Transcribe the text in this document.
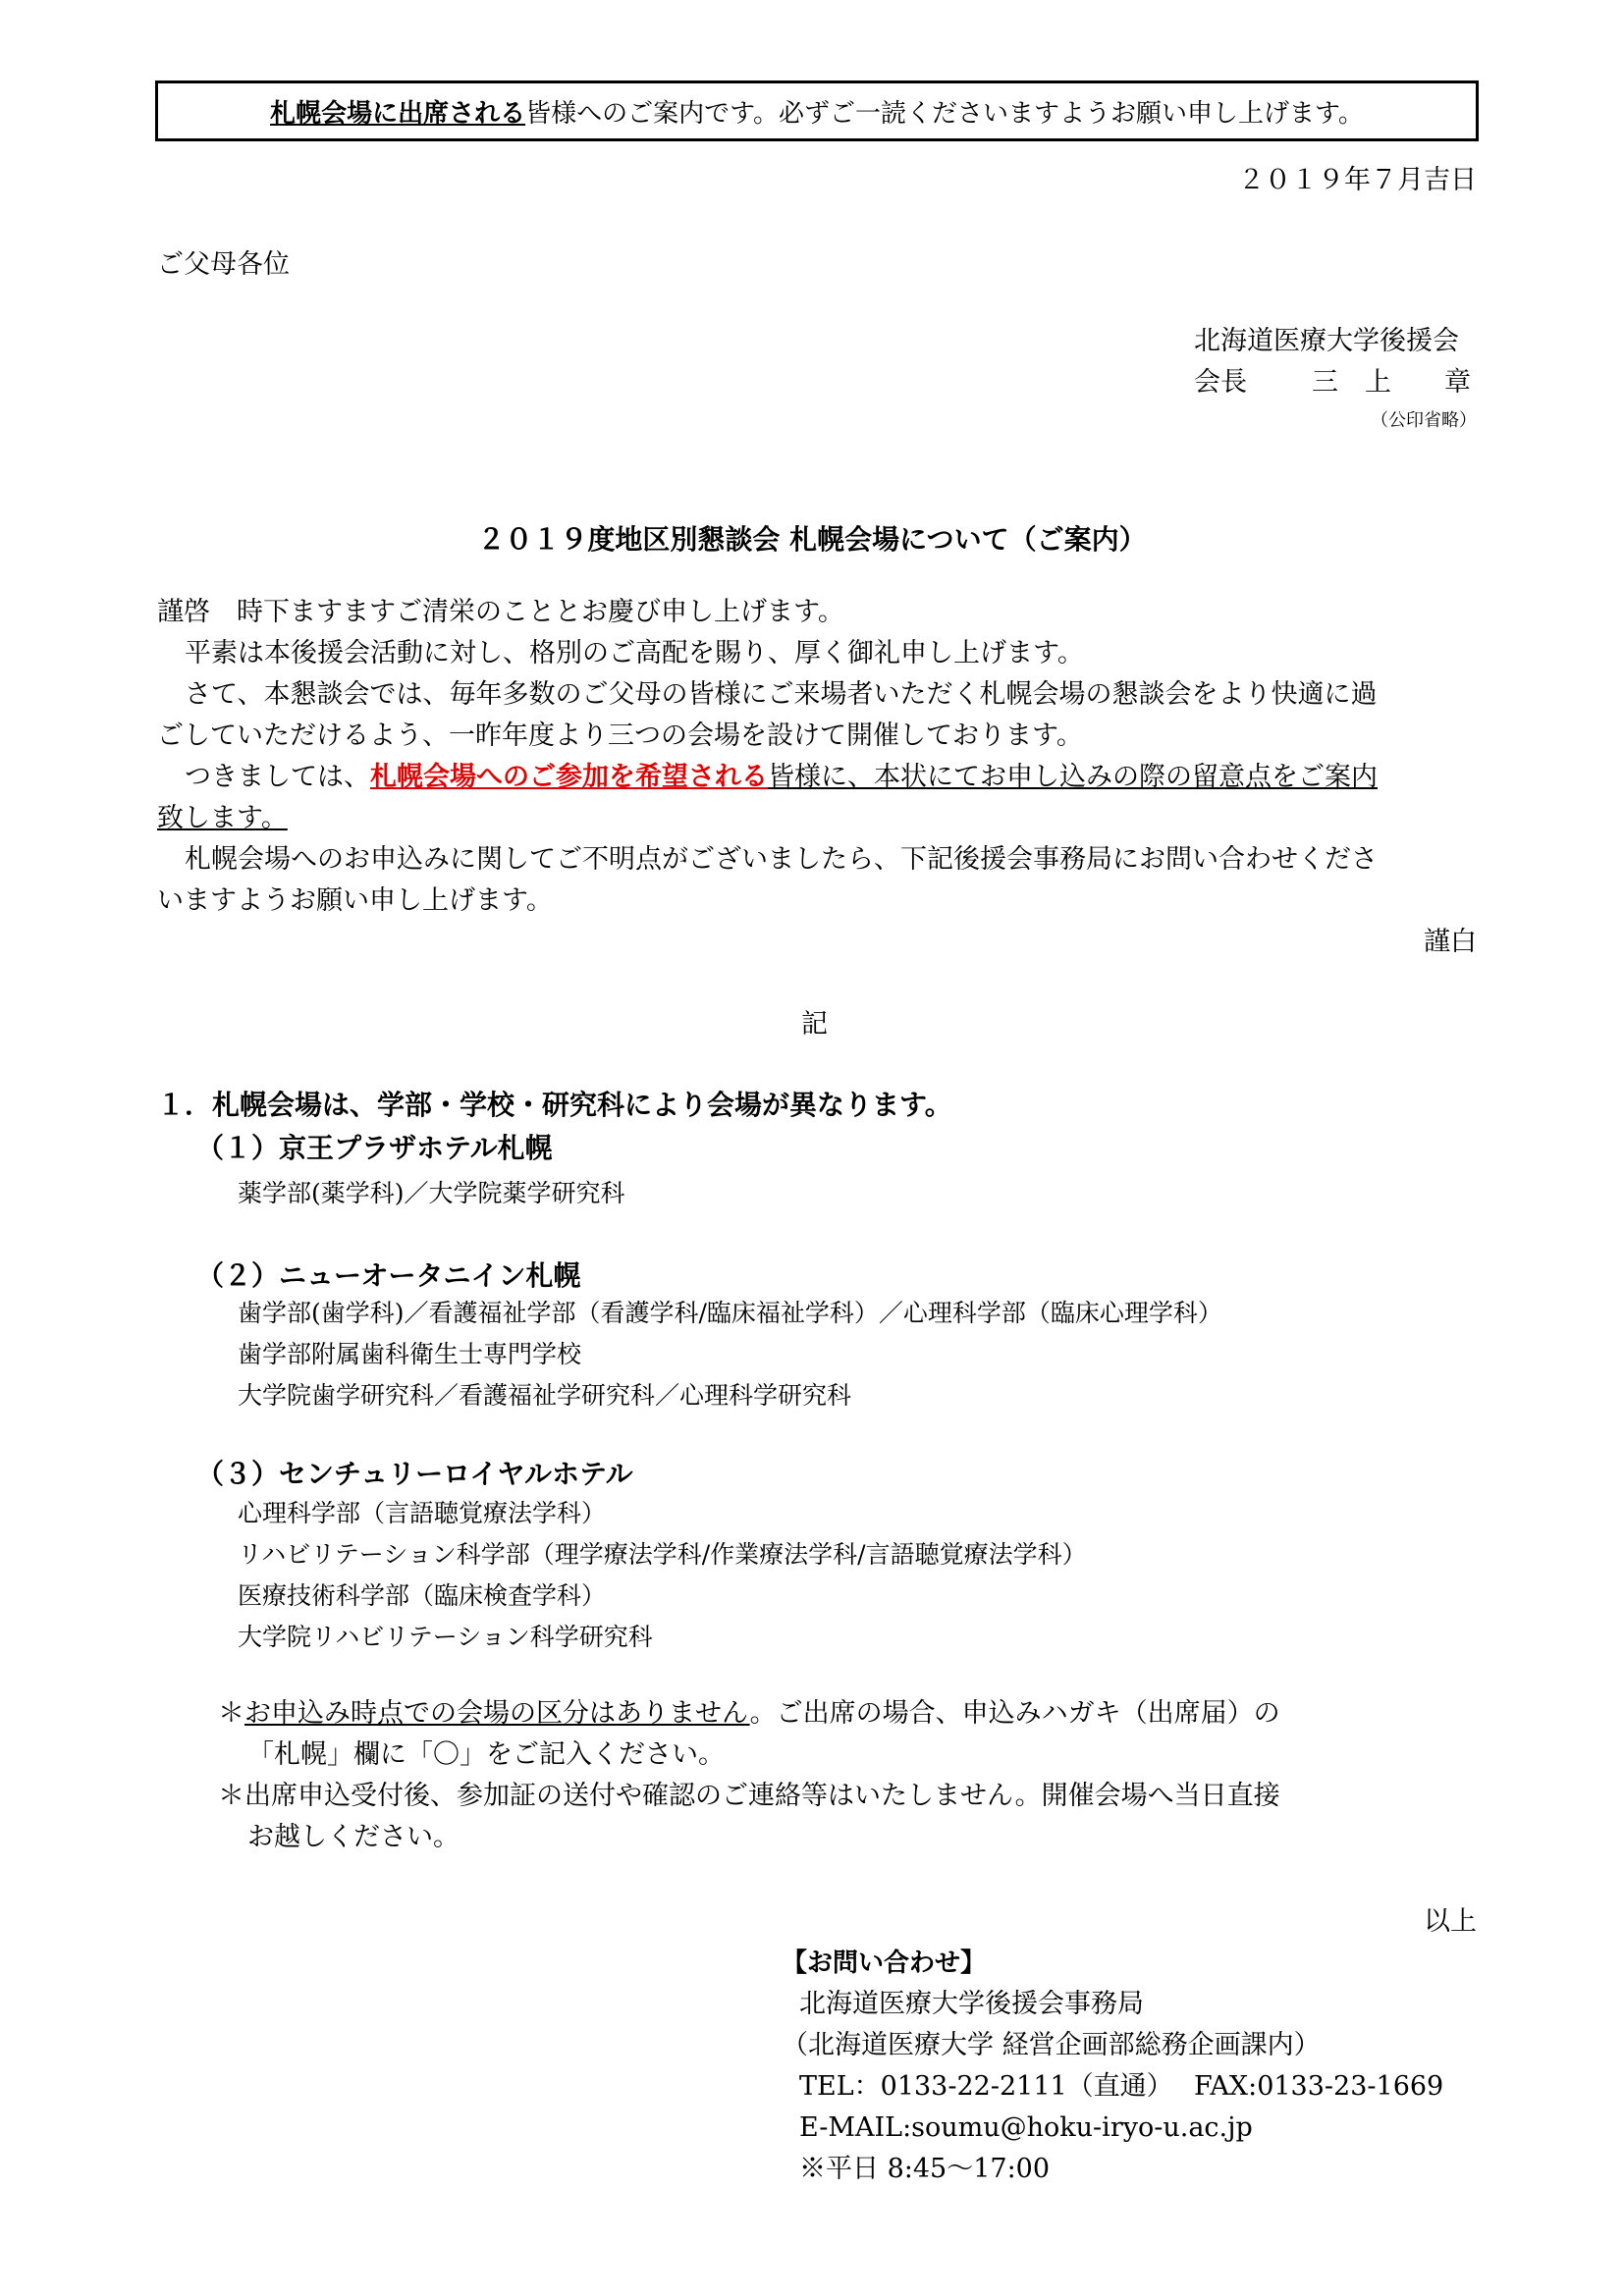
札幌会場に出席される 皆様へのご案内です。必ずご一読くださいますようお願い申し上げます。
２０１９年７月吉日
ご父母各位
北海道医療大学後援会
会長 三　上　　章
（公印省略）
２０１９度地区別懇談会 札幌会場について（ご案内）
謹啓　時下ますますご清栄のこととお慶び申し上げます。
平素は本後援会活動に対し、格別のご高配を賜り、厚く御礼申し上げます。
さて、本懇談会では、毎年多数のご父母の皆様にご来場者いただく札幌会場の懇談会をより快適に過
ごしていただけるよう、一昨年度より三つの会場を設けて開催しております。
つきましては、札幌会場へのご参加を希望される皆様に、本状にてお申し込みの際の留意点をご案内
致します。
札幌会場へのお申込みに関してご不明点がございましたら、下記後援会事務局にお問い合わせくださ
いますようお願い申し上げます。
謹白
記
１．札幌会場は、学部・学校・研究科により会場が異なります。
（１）京王プラザホテル札幌
薬学部(薬学科)／大学院薬学研究科
（２）ニューオータニイン札幌
歯学部(歯学科)／看護福祉学部（看護学科/臨床福祉学科）／心理科学部（臨床心理学科）
歯学部附属歯科衛生士専門学校
大学院歯学研究科／看護福祉学研究科／心理科学研究科
（３）センチュリーロイヤルホテル
心理科学部（言語聴覚療法学科）
リハビリテーション科学部（理学療法学科/作業療法学科/言語聴覚療法学科）
医療技術科学部（臨床検査学科）
大学院リハビリテーション科学研究科
＊お申込み時点での会場の区分はありません。ご出席の場合、申込みハガキ（出席届）の
「札幌」欄に「〇」をご記入ください。
＊出席申込受付後、参加証の送付や確認のご連絡等はいたしません。開催会場へ当日直接
お越しください。
以上
【お問い合わせ】
北海道医療大学後援会事務局
（北海道医療大学 経営企画部総務企画課内）
TEL：0133-22-2111（直通） FAX:0133-23-1669
E-MAIL:soumu@hoku-iryo-u.ac.jp
※平日 8:45～17:00
